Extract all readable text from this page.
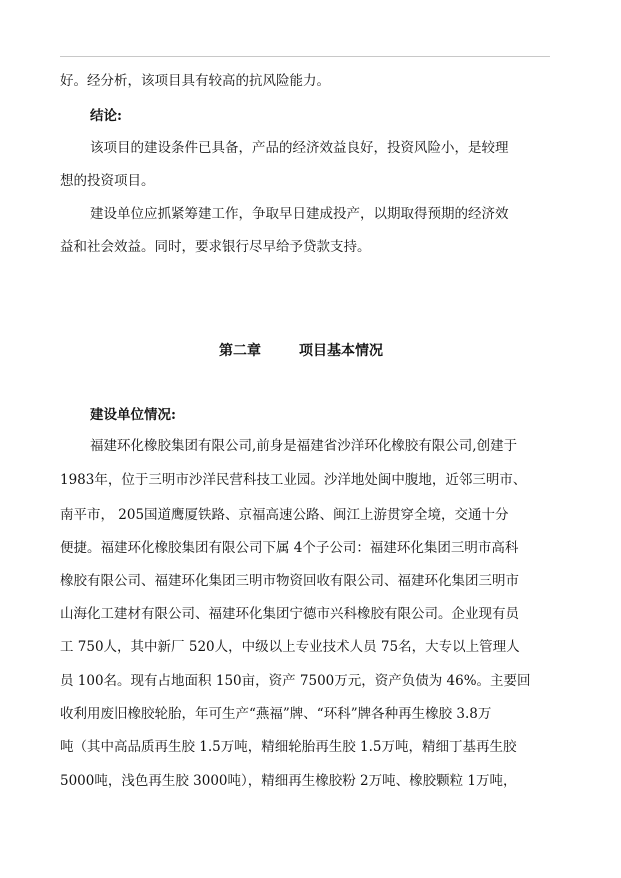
好。经分析，该项目具有较高的抗风险能力。
结论:
该项目的建设条件已具备，产品的经济效益良好，投资风险小，是较理
想的投资项目。
建设单位应抓紧筹建工作，争取早日建成投产，以期取得预期的经济效
益和社会效益。同时，要求银行尽早给予贷款支持。
第二章	项目基本情况
建设单位情况:
福建环化橡胶集团有限公司,前身是福建省沙洋环化橡胶有限公司,创建于
1983年，位于三明市沙洋民营科技工业园。沙洋地处闽中腹地，近邻三明市、
南平市， 205国道鹰厦铁路、京福高速公路、闽江上游贯穿全境，交通十分
便捷。福建环化橡胶集团有限公司下属 4个子公司：福建环化集团三明市高科
橡胶有限公司、福建环化集团三明市物资回收有限公司、福建环化集团三明市
山海化工建材有限公司、福建环化集团宁德市兴科橡胶有限公司。企业现有员
工 750人，其中新厂 520人，中级以上专业技术人员 75名，大专以上管理人
员 100名。现有占地面积 150亩，资产 7500万元，资产负债为 46%。主要回
收利用废旧橡胶轮胎，年可生产“燕福”牌、“环科”牌各种再生橡胶 3.8万
吨（其中高品质再生胶 1.5万吨，精细轮胎再生胶 1.5万吨，精细丁基再生胶
5000吨，浅色再生胶 3000吨），精细再生橡胶粉 2万吨、橡胶颗粒 1万吨，
